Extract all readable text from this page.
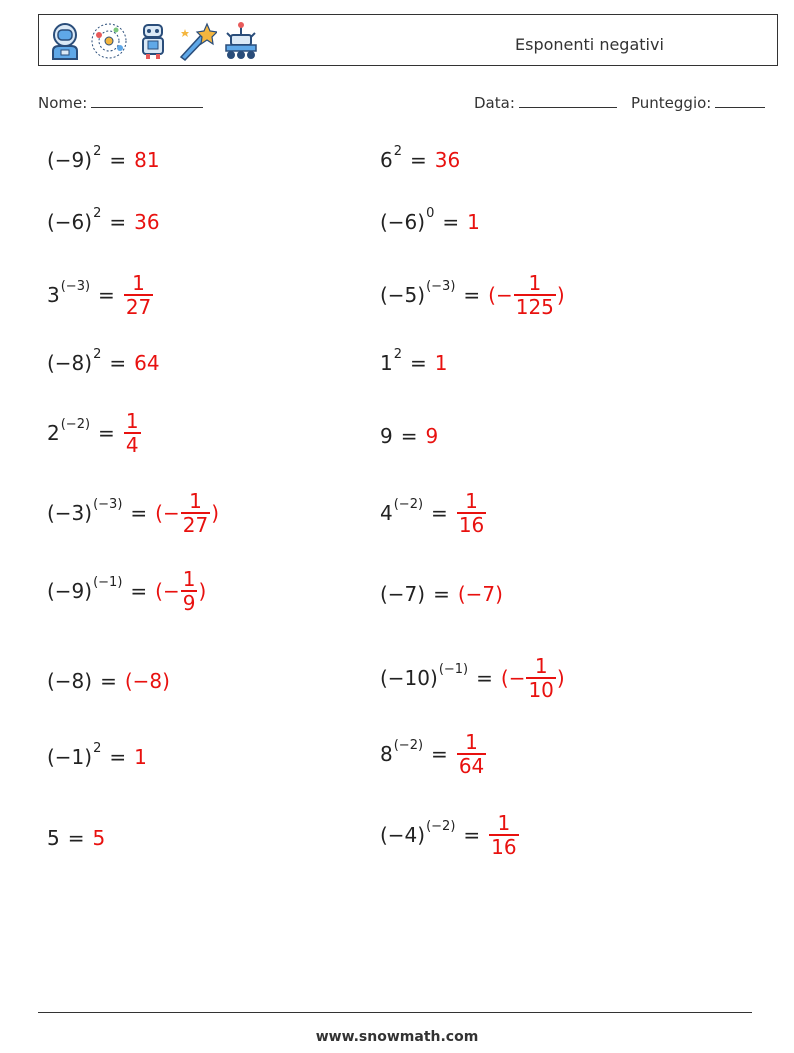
Esponenti negativi
Nome:	Data:	Punteggio:
(−9) 2 = 81	6 2 = 36
(−6) 2 = 36	(−6) 0 = 1
3 $(-3) = \frac{1}{27}$	(−5) (−3) = (− $\frac{1}{125}$ )
(−8) 2 = 64	1 2 = 1
2 $(-2) = \frac{1}{4}$	9 = 9
(−3) (−3) = (− $\frac{1}{27}$ )	4 $(-2) = \frac{1}{16}$
(−9) (−1) = (− $\frac{1}{9}$ )	(−7) = (−7)
(−8) = (−8)	(−10) (−1) = (− $\frac{1}{10}$ )
(−1) 2 = 1	8 $(-2) = \frac{1}{64}$
5 = 5	(−4) $(-2) = \frac{1}{16}$
www.snowmath.com
